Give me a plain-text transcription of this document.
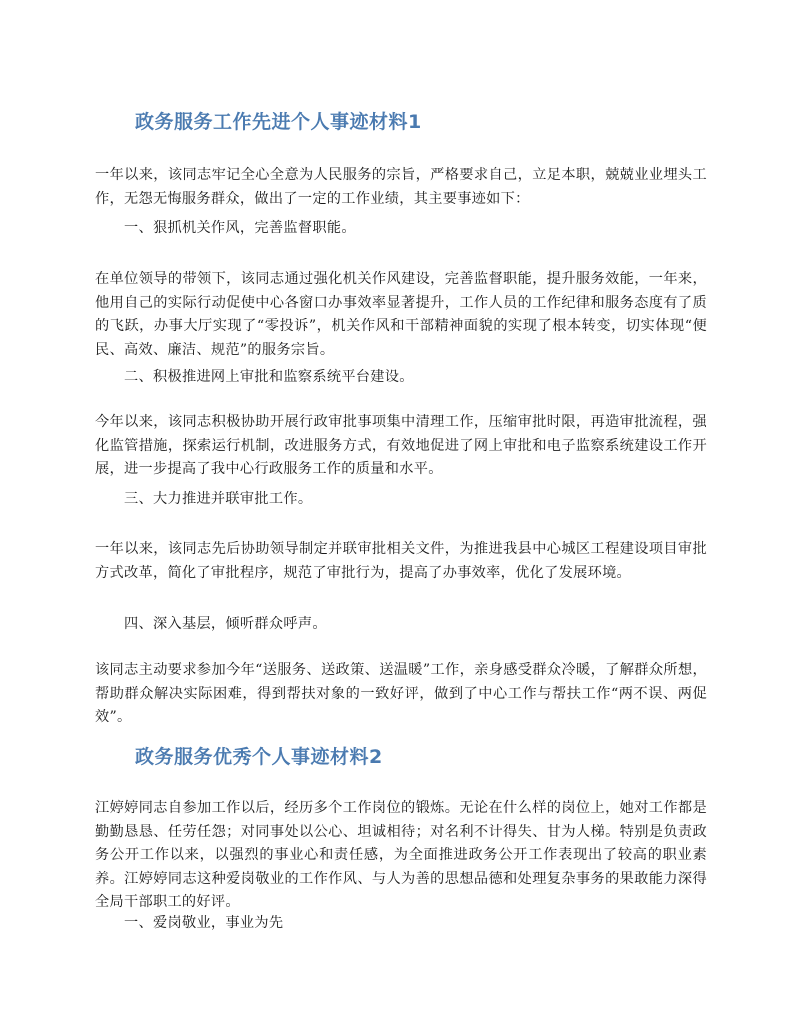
政务服务工作先进个人事迹材料1
一年以来，该同志牢记全心全意为人民服务的宗旨，严格要求自己，立足本职，兢兢业业埋头工作，无怨无悔服务群众，做出了一定的工作业绩，其主要事迹如下：
一、狠抓机关作风，完善监督职能。
在单位领导的带领下，该同志通过强化机关作风建设，完善监督职能，提升服务效能，一年来，他用自己的实际行动促使中心各窗口办事效率显著提升，工作人员的工作纪律和服务态度有了质的飞跃，办事大厅实现了“零投诉”，机关作风和干部精神面貌的实现了根本转变，切实体现“便民、高效、廉洁、规范”的服务宗旨。
二、积极推进网上审批和监察系统平台建设。
今年以来，该同志积极协助开展行政审批事项集中清理工作，压缩审批时限，再造审批流程，强化监管措施，探索运行机制，改进服务方式，有效地促进了网上审批和电子监察系统建设工作开展，进一步提高了我中心行政服务工作的质量和水平。
三、大力推进并联审批工作。
一年以来，该同志先后协助领导制定并联审批相关文件，为推进我县中心城区工程建设项目审批方式改革，简化了审批程序，规范了审批行为，提高了办事效率，优化了发展环境。
四、深入基层，倾听群众呼声。
该同志主动要求参加今年“送服务、送政策、送温暖”工作，亲身感受群众冷暖，了解群众所想，帮助群众解决实际困难，得到帮扶对象的一致好评，做到了中心工作与帮扶工作“两不误、两促效”。
政务服务优秀个人事迹材料2
江婷婷同志自参加工作以后，经历多个工作岗位的锻炼。无论在什么样的岗位上，她对工作都是勤勤恳恳、任劳任怨；对同事处以公心、坦诚相待；对名利不计得失、甘为人梯。特别是负责政务公开工作以来，以强烈的事业心和责任感，为全面推进政务公开工作表现出了较高的职业素养。江婷婷同志这种爱岗敬业的工作作风、与人为善的思想品德和处理复杂事务的果敢能力深得全局干部职工的好评。
一、爱岗敬业，事业为先
